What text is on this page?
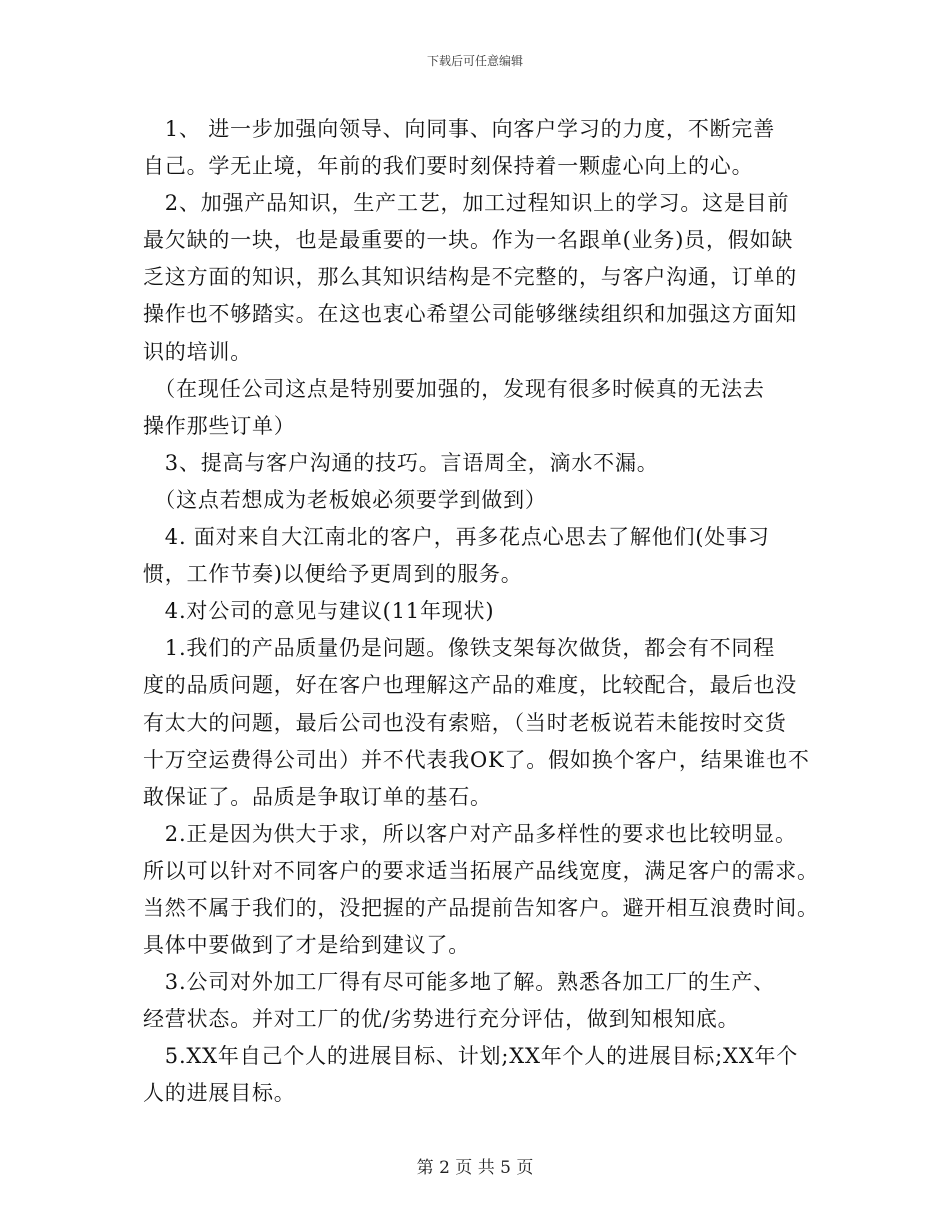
下载后可任意编辑

　1、 进一步加强向领导、向同事、向客户学习的力度，不断完善

自己。学无止境，年前的我们要时刻保持着一颗虚心向上的心。

　2、加强产品知识，生产工艺，加工过程知识上的学习。这是目前

最欠缺的一块，也是最重要的一块。作为一名跟单(业务)员，假如缺

乏这方面的知识，那么其知识结构是不完整的，与客户沟通，订单的

操作也不够踏实。在这也衷心希望公司能够继续组织和加强这方面知

识的培训。

　（在现任公司这点是特别要加强的，发现有很多时候真的无法去

操作那些订单）

　3、提高与客户沟通的技巧。言语周全，滴水不漏。

　（这点若想成为老板娘必须要学到做到）

　4. 面对来自大江南北的客户，再多花点心思去了解他们(处事习

惯，工作节奏)以便给予更周到的服务。

　4.对公司的意见与建议(11年现状)

　1.我们的产品质量仍是问题。像铁支架每次做货，都会有不同程

度的品质问题，好在客户也理解这产品的难度，比较配合，最后也没

有太大的问题，最后公司也没有索赔，（当时老板说若未能按时交货

十万空运费得公司出）并不代表我OK了。假如换个客户，结果谁也不

敢保证了。品质是争取订单的基石。

　2.正是因为供大于求，所以客户对产品多样性的要求也比较明显。

所以可以针对不同客户的要求适当拓展产品线宽度，满足客户的需求。

当然不属于我们的，没把握的产品提前告知客户。避开相互浪费时间。

具体中要做到了才是给到建议了。

　3.公司对外加工厂得有尽可能多地了解。熟悉各加工厂的生产、

经营状态。并对工厂的优/劣势进行充分评估，做到知根知底。

　5.XX年自己个人的进展目标、计划;XX年个人的进展目标;XX年个

人的进展目标。

第 2 页 共 5 页
